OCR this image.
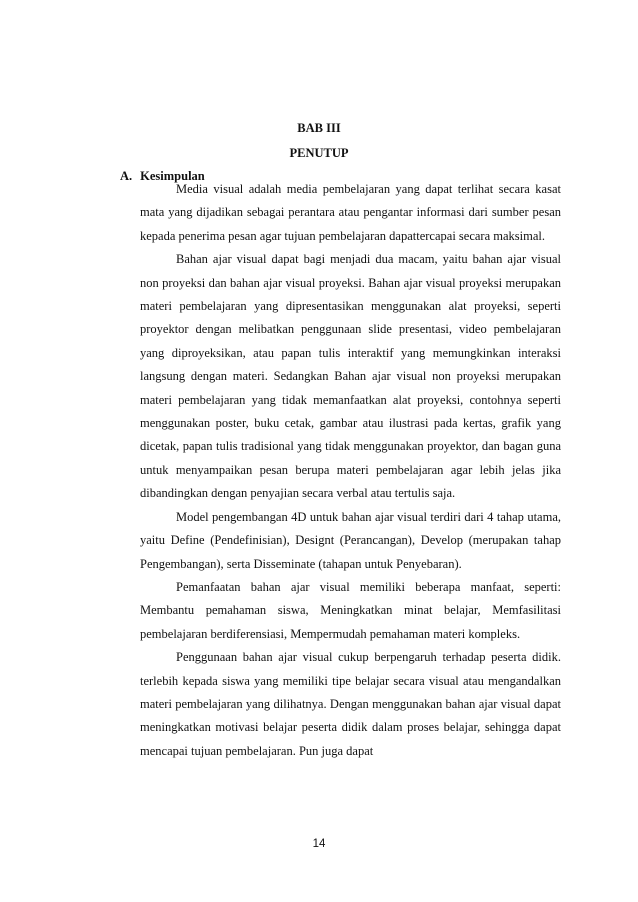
BAB III
PENUTUP
A. Kesimpulan

Media visual adalah media pembelajaran yang dapat terlihat secara kasat mata yang dijadikan sebagai perantara atau pengantar informasi dari sumber pesan kepada penerima pesan agar tujuan pembelajaran dapattercapai secara maksimal.

Bahan ajar visual dapat bagi menjadi dua macam, yaitu bahan ajar visual non proyeksi dan bahan ajar visual proyeksi. Bahan ajar visual proyeksi merupakan materi pembelajaran yang dipresentasikan menggunakan alat proyeksi, seperti proyektor dengan melibatkan penggunaan slide presentasi, video pembelajaran yang diproyeksikan, atau papan tulis interaktif yang memungkinkan interaksi langsung dengan materi. Sedangkan Bahan ajar visual non proyeksi merupakan materi pembelajaran yang tidak memanfaatkan alat proyeksi, contohnya seperti menggunakan poster, buku cetak, gambar atau ilustrasi pada kertas, grafik yang dicetak, papan tulis tradisional yang tidak menggunakan proyektor, dan bagan guna untuk menyampaikan pesan berupa materi pembelajaran agar lebih jelas jika dibandingkan dengan penyajian secara verbal atau tertulis saja.

Model pengembangan 4D untuk bahan ajar visual terdiri dari 4 tahap utama, yaitu Define (Pendefinisian), Designt (Perancangan), Develop (merupakan tahap Pengembangan), serta Disseminate (tahapan untuk Penyebaran).

Pemanfaatan bahan ajar visual memiliki beberapa manfaat, seperti: Membantu pemahaman siswa, Meningkatkan minat belajar, Memfasilitasi pembelajaran berdiferensiasi, Mempermudah pemahaman materi kompleks.

Penggunaan bahan ajar visual cukup berpengaruh terhadap peserta didik. terlebih kepada siswa yang memiliki tipe belajar secara visual atau mengandalkan materi pembelajaran yang dilihatnya. Dengan menggunakan bahan ajar visual dapat meningkatkan motivasi belajar peserta didik dalam proses belajar, sehingga dapat mencapai tujuan pembelajaran. Pun juga dapat

14
